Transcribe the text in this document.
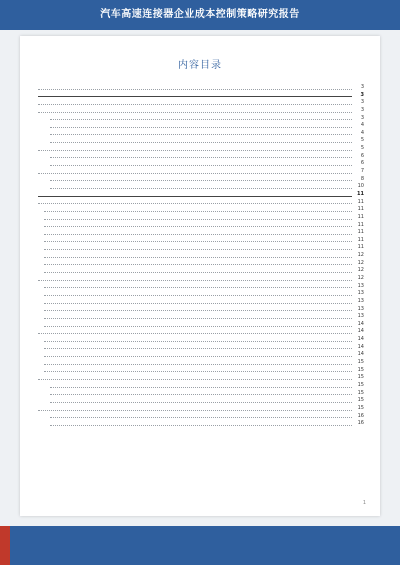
汽车高速连接器企业成本控制策略研究报告
内容目录
3
3
3
3
3
4
4
5
5
6
6
7
8
10
11
11
11
11
11
11
11
11
12
12
12
12
13
13
13
13
13
14
14
14
14
14
15
15
15
15
15
15
15
16
16
1
